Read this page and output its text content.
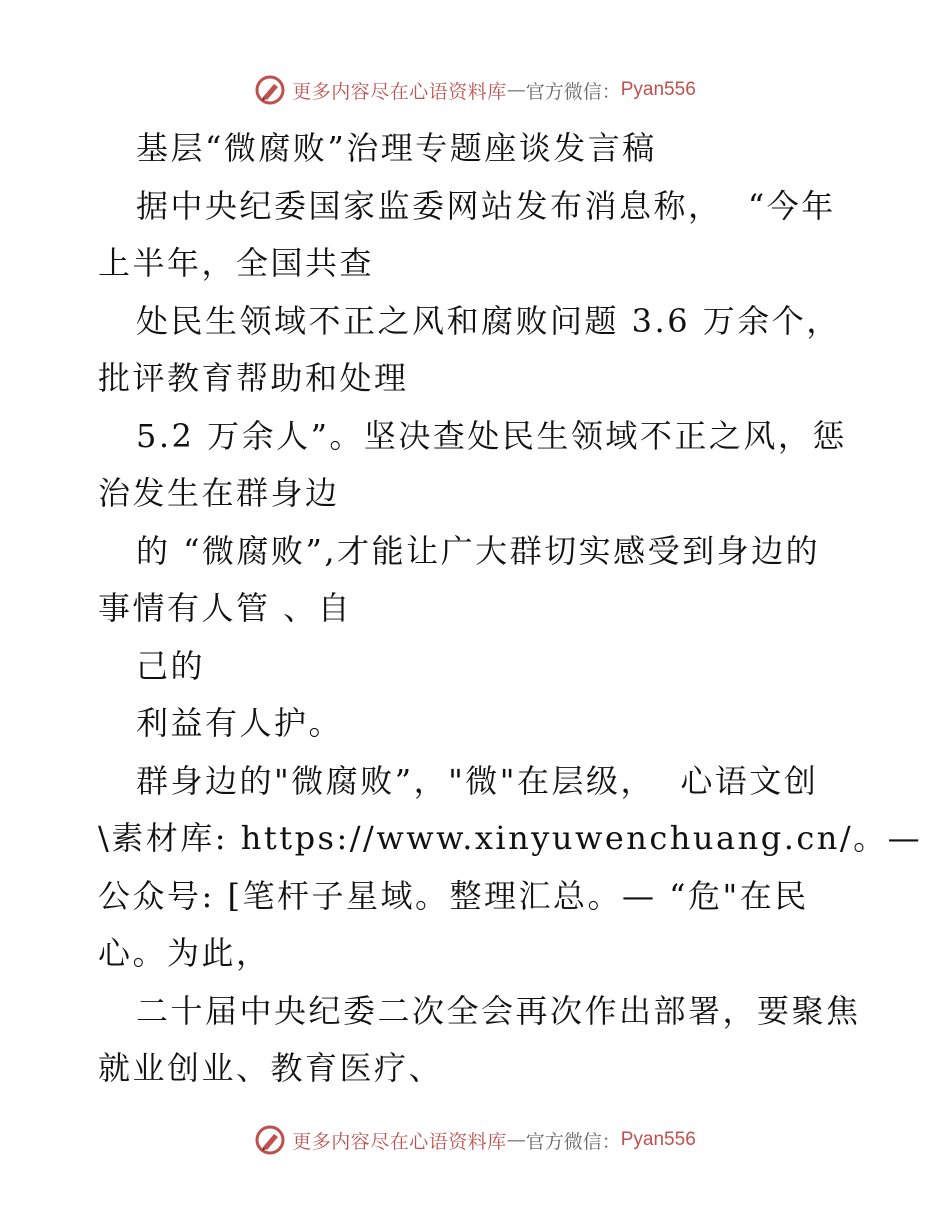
更多内容尽在心语资料库 — 官方微信： Pyan556
基层“微腐败”治理专题座谈发言稿
据中央纪委国家监委网站发布消息称，  “今年
上半年，全国共查
处民生领域不正之风和腐败问题 3.6 万余个，
批评教育帮助和处理
5.2 万余人”。坚决查处民生领域不正之风，惩
治发生在群身边
的 “微腐败”,才能让广大群切实感受到身边的
事情有人管 、自
己的
利益有人护。
群身边的"微腐败”，"微"在层级，  心语文创
\素材库: https://www.xinyuwenchuang.cn/。—
公众号: [笔杆子星域。整理汇总。— “危"在民
心。为此，
二十届中央纪委二次全会再次作出部署，要聚焦
就业创业、教育医疗、
更多内容尽在心语资料库 — 官方微信： Pyan556
